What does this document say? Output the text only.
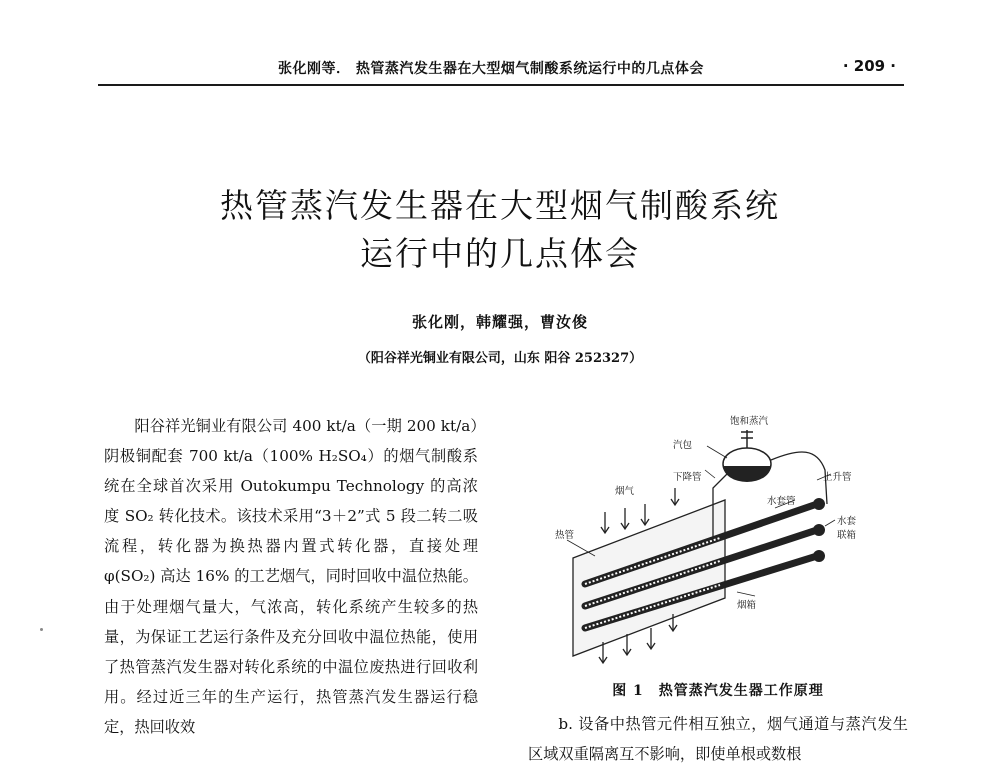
张化刚等． 热管蒸汽发生器在大型烟气制酸系统运行中的几点体会	· 209 ·
热管蒸汽发生器在大型烟气制酸系统
运行中的几点体会
张化刚，韩耀强，曹汝俊
（阳谷祥光铜业有限公司，山东 阳谷 252327）

阳谷祥光铜业有限公司 400 kt/a（一期 200 kt/a）阴极铜配套 700 kt/a（100% H₂SO₄）的烟气制酸系统在全球首次采用 Outokumpu Technology 的高浓度 SO₂ 转化技术。该技术采用“3＋2”式 5 段二转二吸流程，转化器为换热器内置式转化器，直接处理 φ(SO₂) 高达 16% 的工艺烟气，同时回收中温位热能。由于处理烟气量大，气浓高，转化系统产生较多的热量，为保证工艺运行条件及充分回收中温位热能，使用了热管蒸汽发生器对转化系统的中温位废热进行回收利用。经过近三年的生产运行，热管蒸汽发生器运行稳定，热回收效

饱和蒸汽
汽包
下降管	上升管
烟气
水套管
热管
水套
联箱
烟箱
图 1　热管蒸汽发生器工作原理

b. 设备中热管元件相互独立，烟气通道与蒸汽发生区域双重隔离互不影响，即使单根或数根
